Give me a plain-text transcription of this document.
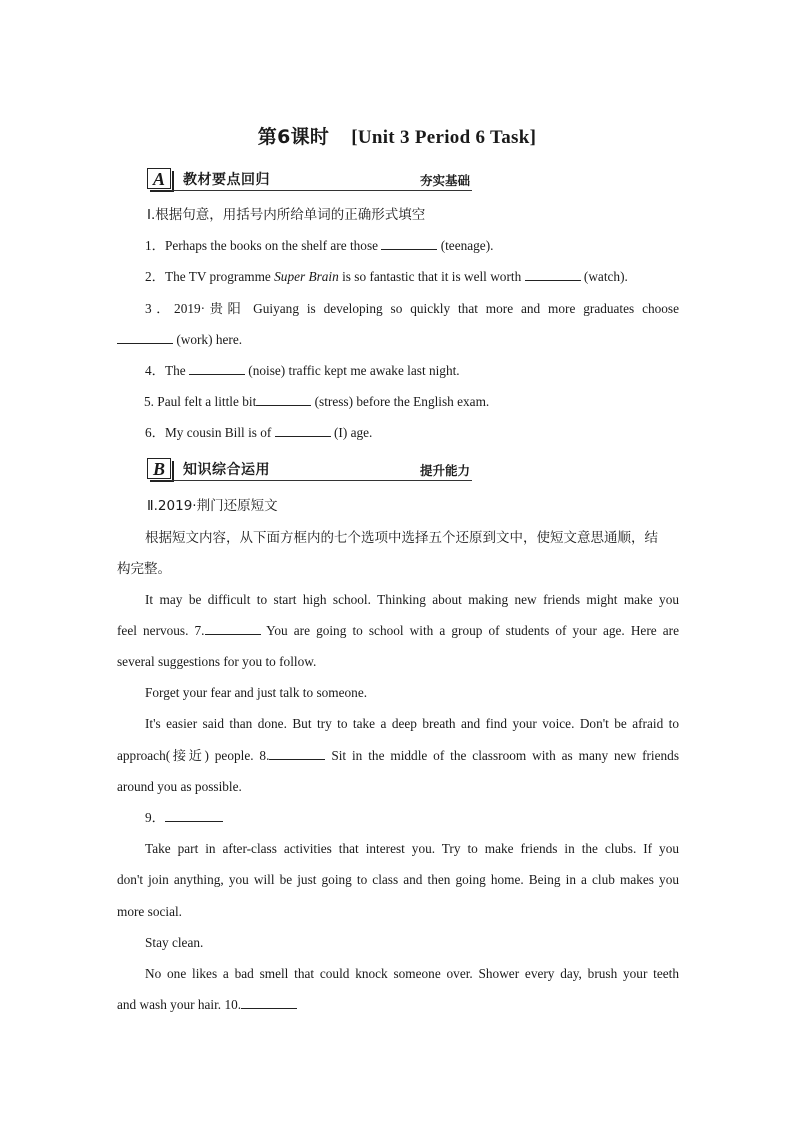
第6课时 [Unit 3 Period 6 Task]
A	教材要点回归	夯实基础
Ⅰ.根据句意，用括号内所给单词的正确形式填空
1．Perhaps the books on the shelf are those	(teenage).
2．The TV programme Super Brain is so fantastic that it is well worth	(watch).
3．2019·贵阳 Guiyang is developing so quickly that more and more graduates choose
(work) here.
4．The	(noise) traffic kept me awake last night.
5. Paul felt a little bit	(stress) before the English exam.
6．My cousin Bill is of	(I) age.
B	知识综合运用	提升能力
Ⅱ.2019·荆门还原短文
根据短文内容，从下面方框内的七个选项中选择五个还原到文中，使短文意思通顺，结
构完整。
It may be difficult to start high school. Thinking about making new friends might make you
feel nervous. 7.	You are going to school with a group of students of your age. Here are
several suggestions for you to follow.
Forget your fear and just talk to someone.
It's easier said than done. But try to take a deep breath and find your voice. Don't be afraid to
approach(接近) people. 8.	Sit in the middle of the classroom with as many new friends
around you as possible.
9．
Take part in after-class activities that interest you. Try to make friends in the clubs. If you
don't join anything, you will be just going to class and then going home. Being in a club makes you
more social.
Stay clean.
No one likes a bad smell that could knock someone over. Shower every day, brush your teeth
and wash your hair. 10.
